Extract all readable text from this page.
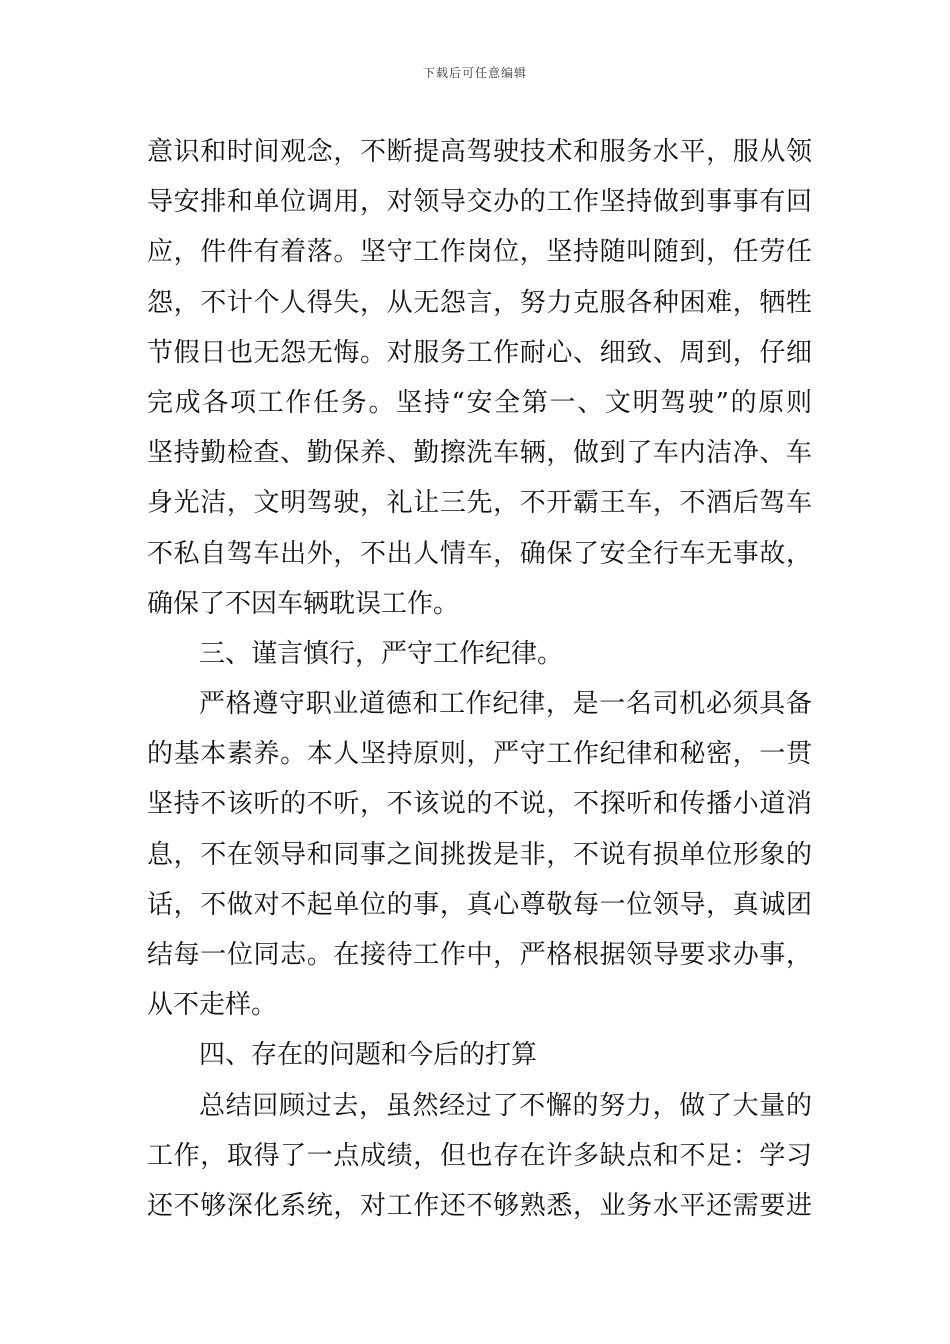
下载后可任意编辑
意识和时间观念，不断提高驾驶技术和服务水平，服从领
导安排和单位调用，对领导交办的工作坚持做到事事有回
应，件件有着落。坚守工作岗位，坚持随叫随到，任劳任
怨，不计个人得失，从无怨言，努力克服各种困难，牺牲
节假日也无怨无悔。对服务工作耐心、细致、周到，仔细
完成各项工作任务。坚持“安全第一、文明驾驶”的原则
坚持勤检查、勤保养、勤擦洗车辆，做到了车内洁净、车
身光洁，文明驾驶，礼让三先，不开霸王车，不酒后驾车
不私自驾车出外，不出人情车，确保了安全行车无事故，
确保了不因车辆耽误工作。
三、谨言慎行，严守工作纪律。
严格遵守职业道德和工作纪律，是一名司机必须具备
的基本素养。本人坚持原则，严守工作纪律和秘密，一贯
坚持不该听的不听，不该说的不说，不探听和传播小道消
息，不在领导和同事之间挑拨是非，不说有损单位形象的
话，不做对不起单位的事，真心尊敬每一位领导，真诚团
结每一位同志。在接待工作中，严格根据领导要求办事，
从不走样。
四、存在的问题和今后的打算
总结回顾过去，虽然经过了不懈的努力，做了大量的
工作，取得了一点成绩，但也存在许多缺点和不足：学习
还不够深化系统，对工作还不够熟悉，业务水平还需要进
